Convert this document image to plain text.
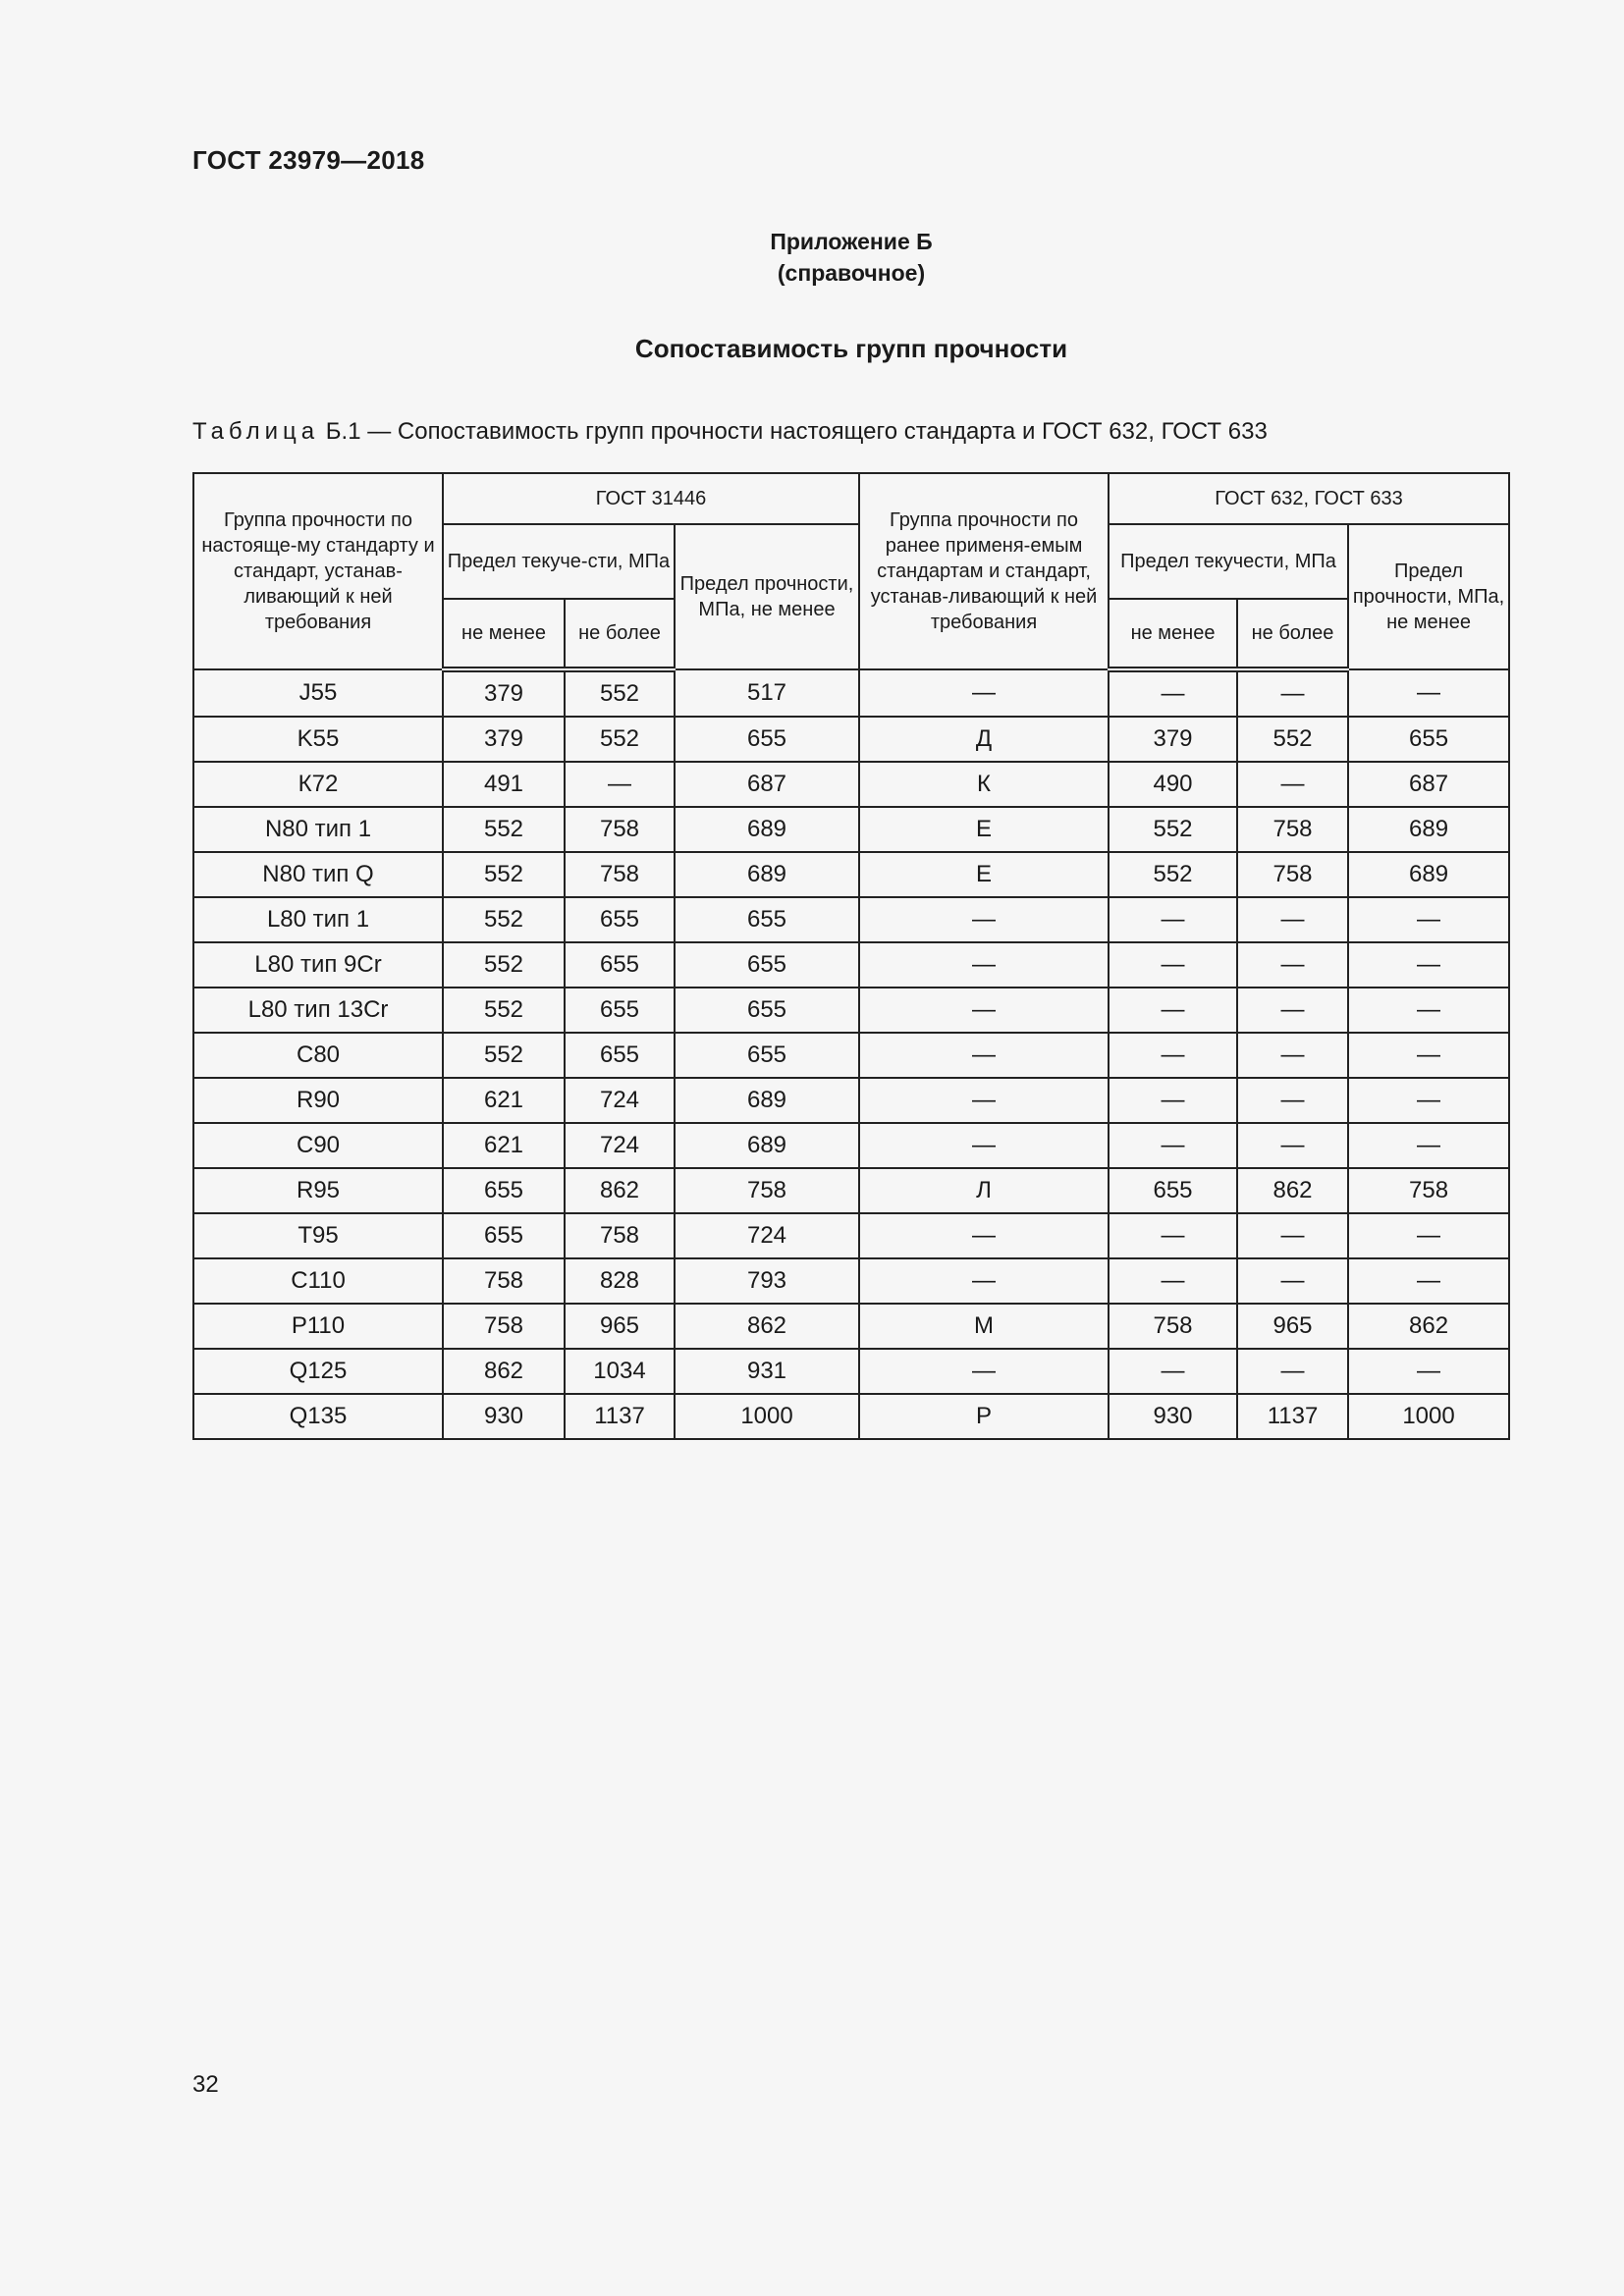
ГОСТ 23979—2018
Приложение Б
(справочное)
Сопоставимость групп прочности
Таблица Б.1 — Сопоставимость групп прочности настоящего стандарта и ГОСТ 632, ГОСТ 633
Группа прочности по настояще-му стандарту и стандарт, устанав-ливающий к ней требования	ГОСТ 31446			Группа прочности по ранее применя-емым стандартам и стандарт, устанав-ливающий к ней требования	ГОСТ 632, ГОСТ 633		
	Предел текуче-сти, МПа		Предел прочности, МПа, не менее		Предел текучести, МПа		Предел прочности, МПа, не менее
	не менее	не более			не менее	не более	
J55	379	552	517	—	—	—	—
K55	379	552	655	Д	379	552	655
К72	491	—	687	К	490	—	687
N80 тип 1	552	758	689	Е	552	758	689
N80 тип Q	552	758	689	Е	552	758	689
L80 тип 1	552	655	655	—	—	—	—
L80 тип 9Cr	552	655	655	—	—	—	—
L80 тип 13Cr	552	655	655	—	—	—	—
C80	552	655	655	—	—	—	—
R90	621	724	689	—	—	—	—
C90	621	724	689	—	—	—	—
R95	655	862	758	Л	655	862	758
T95	655	758	724	—	—	—	—
C110	758	828	793	—	—	—	—
P110	758	965	862	М	758	965	862
Q125	862	1034	931	—	—	—	—
Q135	930	1137	1000	Р	930	1137	1000
32
